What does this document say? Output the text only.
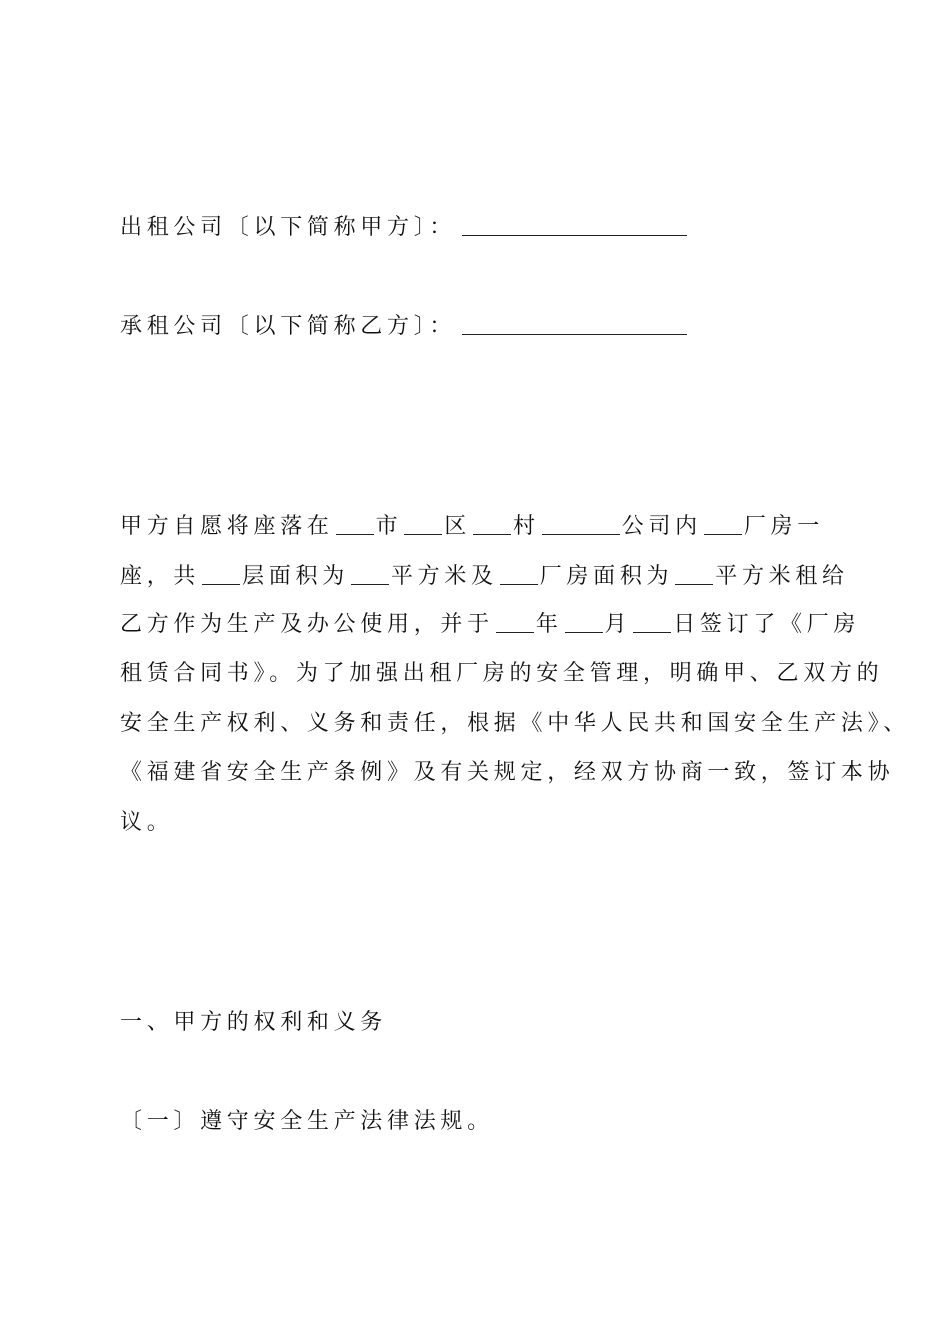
出租公司〔以下简称甲方〕：
承租公司〔以下简称乙方〕：
甲方自愿将座落在 市 区 村	公司内 厂房一
座，共 层面积为 平方米及 厂房面积为 平方米租给
乙方作为生产及办公使用，并于 年 月 日签订了《厂房
租赁合同书》。为了加强出租厂房的安全管理，明确甲、乙双方的
安全生产权利、义务和责任，根据《中华人民共和国安全生产法》、
《福建省安全生产条例》及有关规定，经双方协商一致，签订本协
议。
一、甲方的权利和义务
〔一〕遵守安全生产法律法规。
